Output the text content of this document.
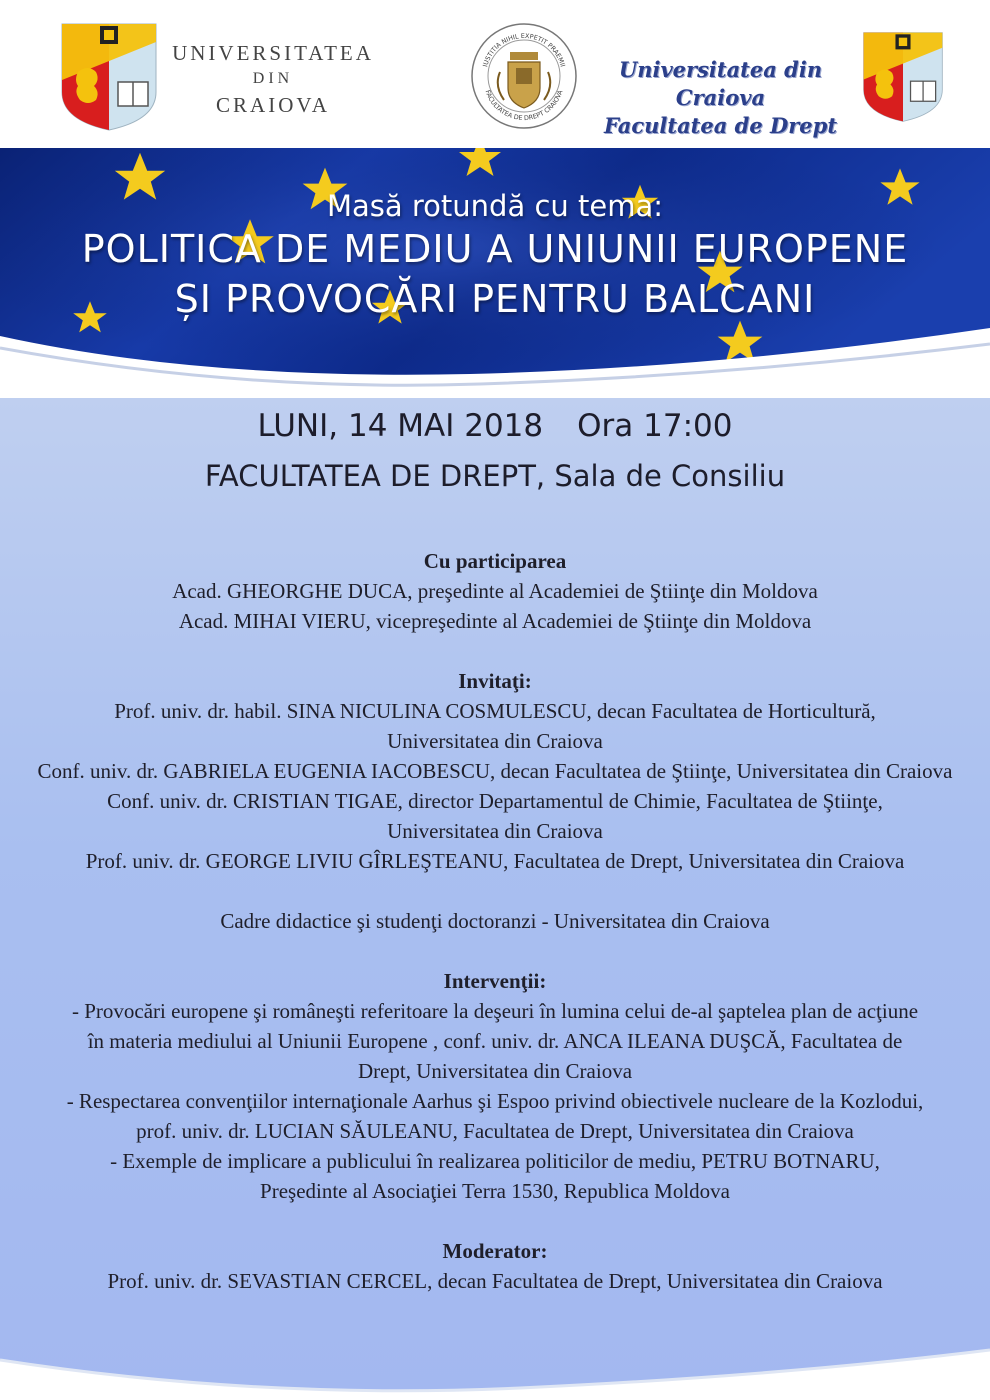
UNIVERSITATEA
DIN
CRAIOVA
IUSTITIA NIHIL EXPETIT PRAEMII
FACULTATEA DE DREPT CRAIOVA
Universitatea din Craiova
Facultatea de Drept
Masă rotundă cu tema:
POLITICA DE MEDIU A UNIUNII EUROPENE
ȘI PROVOCĂRI PENTRU BALCANI
LUNI, 14 MAI 2018 Ora 17:00
FACULTATEA DE DREPT, Sala de Consiliu
Cu participarea
Acad. GHEORGHE DUCA, preşedinte al Academiei de Ştiinţe din Moldova
Acad. MIHAI VIERU, vicepreşedinte al Academiei de Ştiinţe din Moldova
Invitaţi:
Prof. univ. dr. habil. SINA NICULINA COSMULESCU, decan Facultatea de Horticultură,
Universitatea din Craiova
Conf. univ. dr. GABRIELA EUGENIA IACOBESCU, decan Facultatea de Ştiinţe, Universitatea din Craiova
Conf. univ. dr. CRISTIAN TIGAE, director Departamentul de Chimie, Facultatea de Ştiinţe,
Universitatea din Craiova
Prof. univ. dr. GEORGE LIVIU GÎRLEŞTEANU, Facultatea de Drept, Universitatea din Craiova
Cadre didactice şi studenţi doctoranzi - Universitatea din Craiova
Intervenţii:
- Provocări europene şi româneşti referitoare la deşeuri în lumina celui de-al şaptelea plan de acţiune
în materia mediului al Uniunii Europene , conf. univ. dr. ANCA ILEANA DUŞCĂ, Facultatea de
Drept, Universitatea din Craiova
- Respectarea convenţiilor internaţionale Aarhus şi Espoo privind obiectivele nucleare de la Kozlodui,
prof. univ. dr. LUCIAN SĂULEANU, Facultatea de Drept, Universitatea din Craiova
- Exemple de implicare a publicului în realizarea politicilor de mediu, PETRU BOTNARU,
Preşedinte al Asociaţiei Terra 1530, Republica Moldova
Moderator:
Prof. univ. dr. SEVASTIAN CERCEL, decan Facultatea de Drept, Universitatea din Craiova
